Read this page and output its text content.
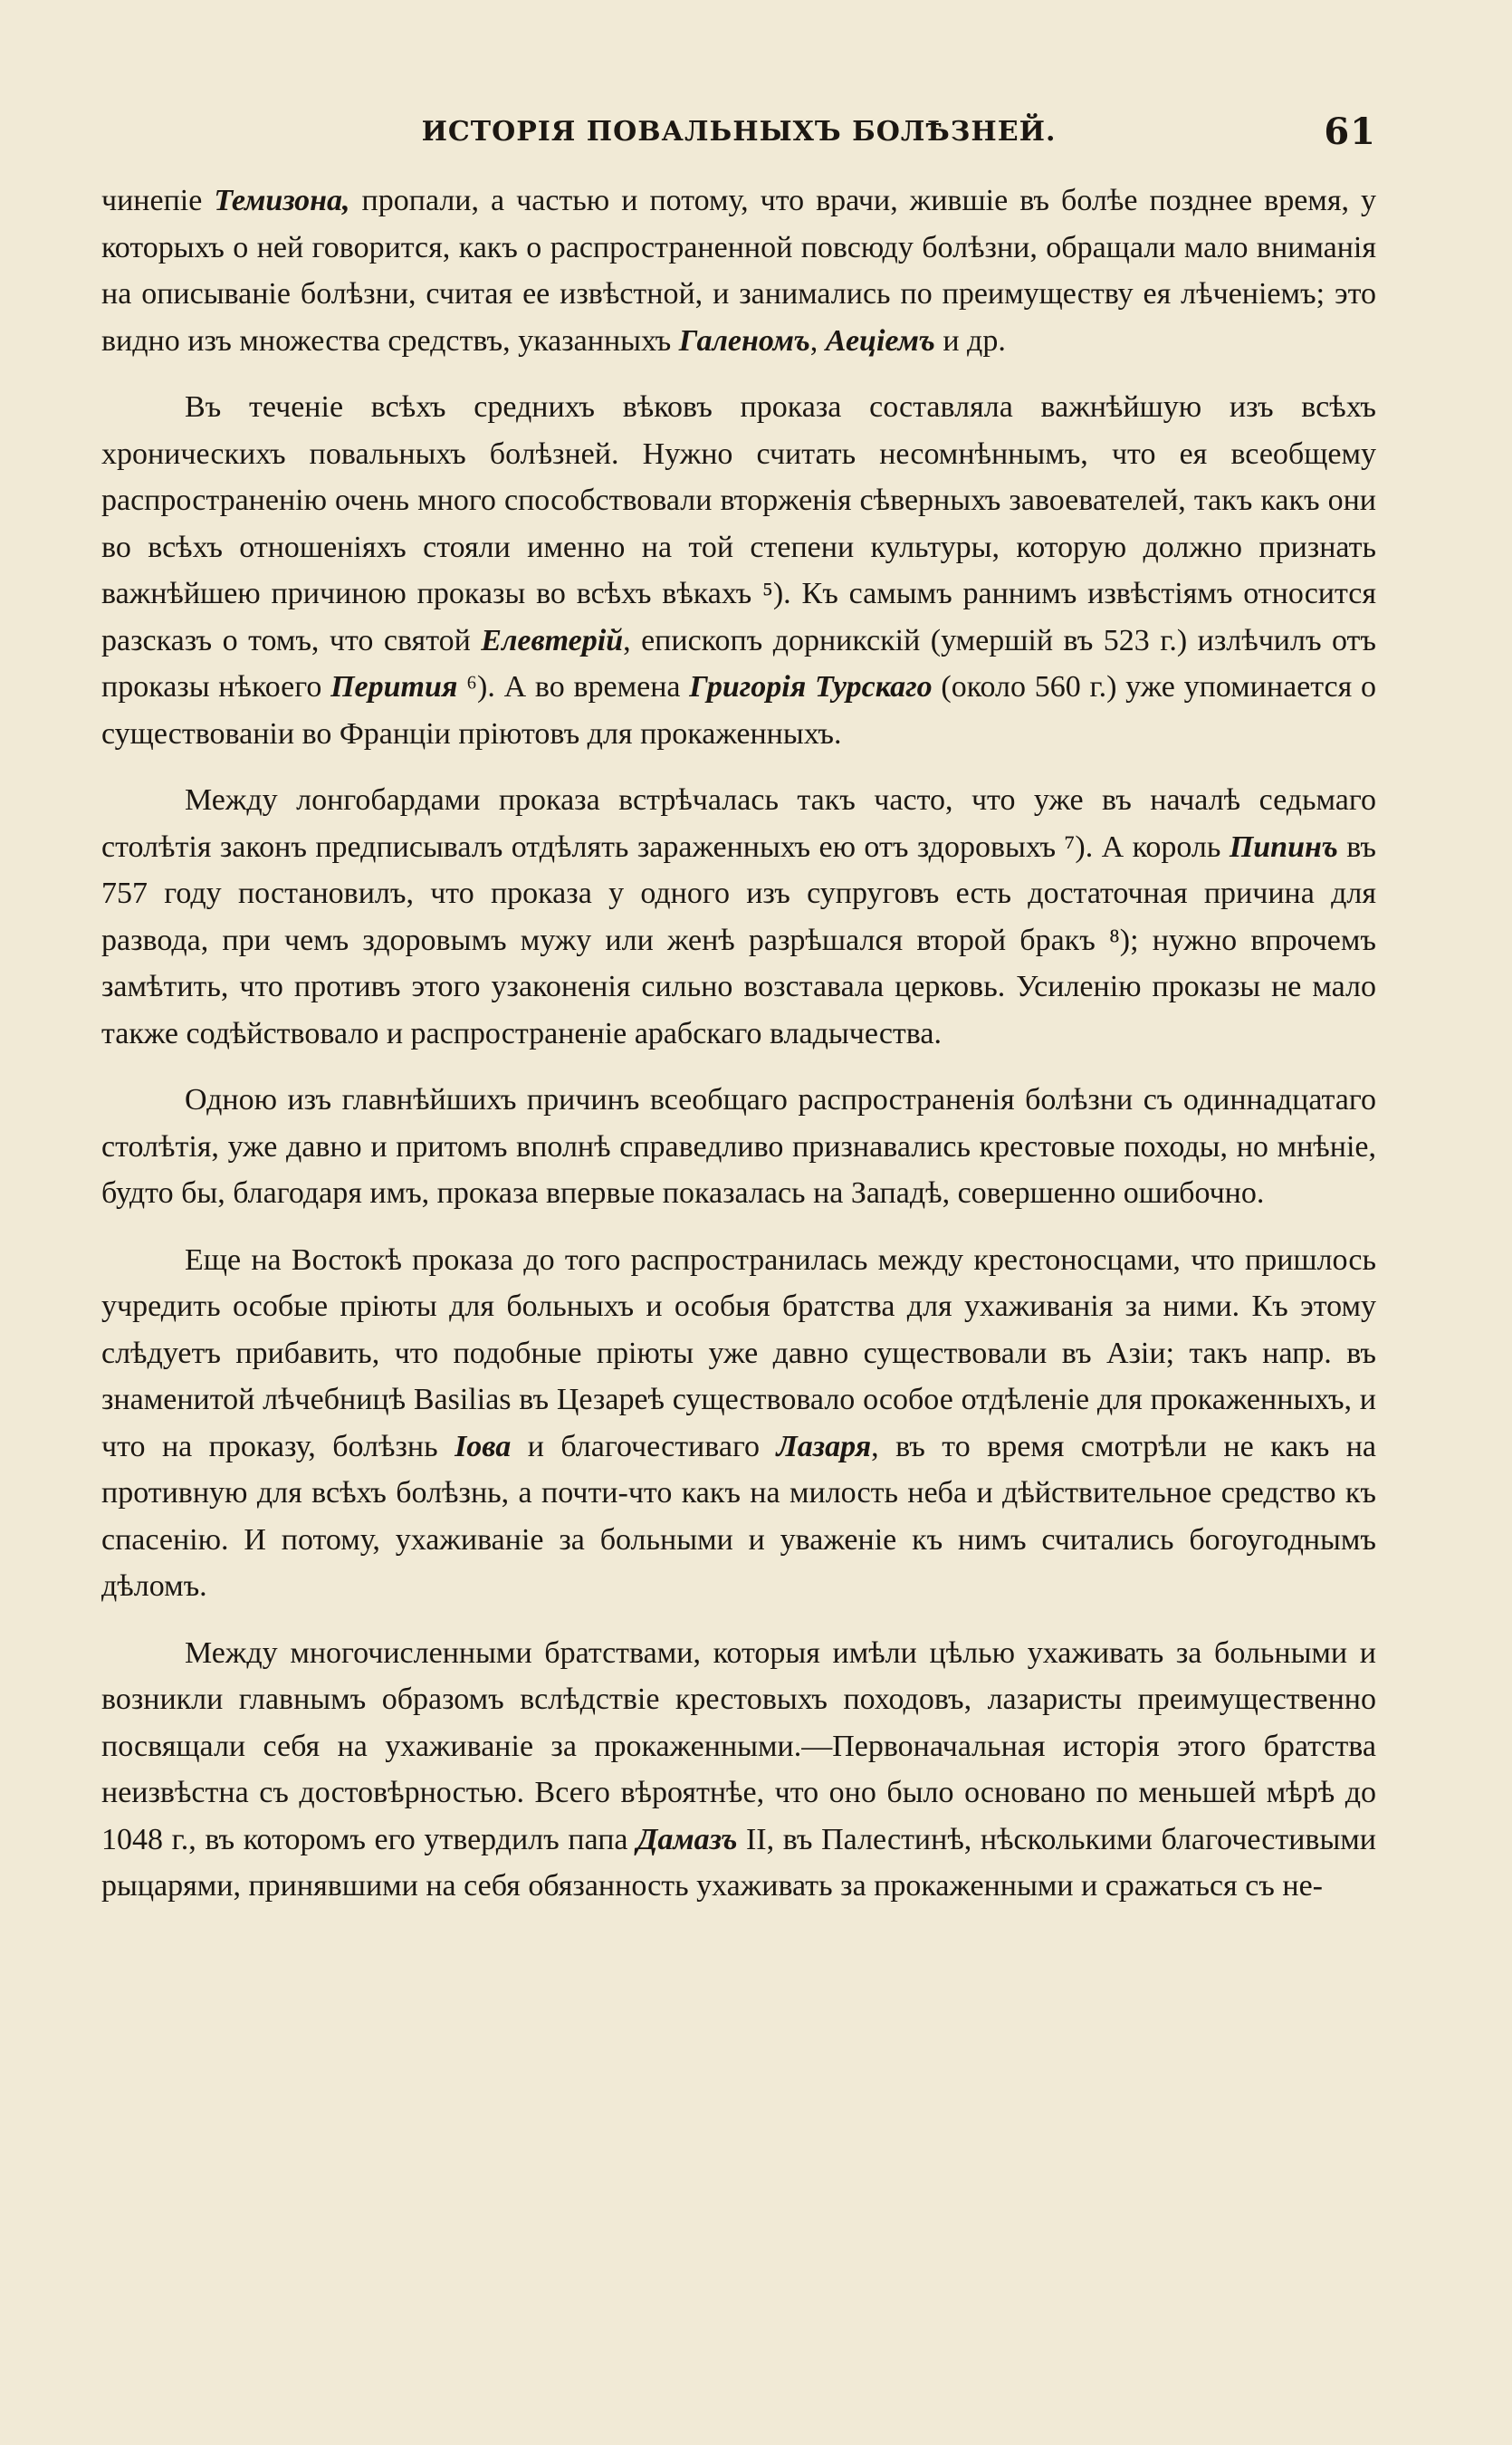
ИСТОРІЯ ПОВАЛЬНЫХЪ БОЛѢЗНЕЙ.	61

чинепіе Темизона, пропали, а частью и потому, что врачи, жившіе въ болѣе позднее время, у которыхъ о ней говорится, какъ о распространенной повсюду болѣзни, обращали мало вниманія на описываніе болѣзни, считая ее извѣстной, и занимались по преимуществу ея лѣченіемъ; это видно изъ множества средствъ, указанныхъ Галеномъ, Аеціемъ и др.

Въ теченіе всѣхъ среднихъ вѣковъ проказа составляла важнѣйшую изъ всѣхъ хроническихъ повальныхъ болѣзней. Нужно считать несомнѣннымъ, что ея всеобщему распространенію очень много способствовали вторженія сѣверныхъ завоевателей, такъ какъ они во всѣхъ отношеніяхъ стояли именно на той степени культуры, которую должно признать важнѣйшею причиною проказы во всѣхъ вѣкахъ ⁵). Къ самымъ раннимъ извѣстіямъ относится разсказъ о томъ, что святой Елевтерій, епископъ дорникскій (умершій въ 523 г.) излѣчилъ отъ проказы нѣкоего Перития ⁶). А во времена Григорія Турскаго (около 560 г.) уже упоминается о существованіи во Франціи пріютовъ для прокаженныхъ.

Между лонгобардами проказа встрѣчалась такъ часто, что уже въ началѣ седьмаго столѣтія законъ предписывалъ отдѣлять зараженныхъ ею отъ здоровыхъ ⁷). А король Пипинъ въ 757 году постановилъ, что проказа у одного изъ супруговъ есть достаточная причина для развода, при чемъ здоровымъ мужу или женѣ разрѣшался второй бракъ ⁸); нужно впрочемъ замѣтить, что противъ этого узаконенія сильно возставала церковь. Усиленію проказы не мало также содѣйствовало и распространеніе арабскаго владычества.

Одною изъ главнѣйшихъ причинъ всеобщаго распространенія болѣзни съ одиннадцатаго столѣтія, уже давно и притомъ вполнѣ справедливо признавались крестовые походы, но мнѣніе, будто бы, благодаря имъ, проказа впервые показалась на Западѣ, совершенно ошибочно.

Еще на Востокѣ проказа до того распространилась между крестоносцами, что пришлось учредить особые пріюты для больныхъ и особыя братства для ухаживанія за ними. Къ этому слѣдуетъ прибавить, что подобные пріюты уже давно существовали въ Азіи; такъ напр. въ знаменитой лѣчебницѣ Basilias въ Цезареѣ существовало особое отдѣленіе для прокаженныхъ, и что на проказу, болѣзнь Іова и благочестиваго Лазаря, въ то время смотрѣли не какъ на противную для всѣхъ болѣзнь, а почти-что какъ на милость неба и дѣйствительное средство къ спасенію. И потому, ухаживаніе за больными и уваженіе къ нимъ считались богоугоднымъ дѣломъ.

Между многочисленными братствами, которыя имѣли цѣлью ухаживать за больными и возникли главнымъ образомъ вслѣдствіе крестовыхъ походовъ, лазаристы преимущественно посвящали себя на ухаживаніе за прокаженными.—Первоначальная исторія этого братства неизвѣстна съ достовѣрностью. Всего вѣроятнѣе, что оно было основано по меньшей мѣрѣ до 1048 г., въ которомъ его утвердилъ папа Дамазъ II, въ Палестинѣ, нѣсколькими благочестивыми рыцарями, принявшими на себя обязанность ухаживать за прокаженными и сражаться съ не-
